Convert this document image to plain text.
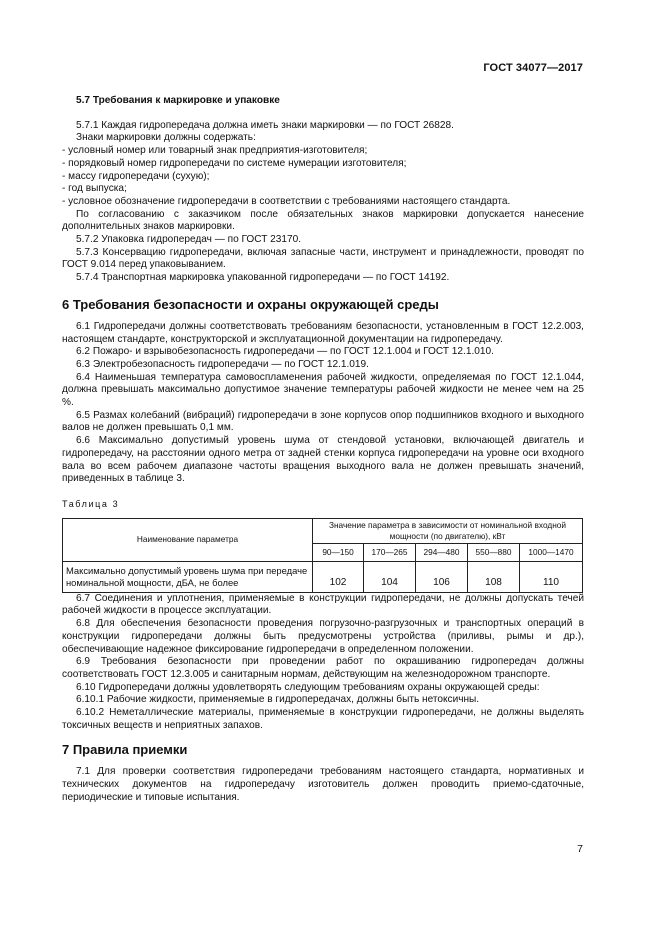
ГОСТ 34077—2017

5.7 Требования к маркировке и упаковке

5.7.1 Каждая гидропередача должна иметь знаки маркировки — по ГОСТ 26828.

Знаки маркировки должны содержать:

- условный номер или товарный знак предприятия-изготовителя;

- порядковый номер гидропередачи по системе нумерации изготовителя;

- массу гидропередачи (сухую);

- год выпуска;

- условное обозначение гидропередачи в соответствии с требованиями настоящего стандарта.

По согласованию с заказчиком после обязательных знаков маркировки допускается нанесение дополнительных знаков маркировки.

5.7.2 Упаковка гидропередач — по ГОСТ 23170.

5.7.3 Консервацию гидропередачи, включая запасные части, инструмент и принадлежности, проводят по ГОСТ 9.014 перед упаковыванием.

5.7.4 Транспортная маркировка упакованной гидропередачи — по ГОСТ 14192.

6 Требования безопасности и охраны окружающей среды

6.1 Гидропередачи должны соответствовать требованиям безопасности, установленным в ГОСТ 12.2.003, настоящем стандарте, конструкторской и эксплуатационной документации на гидропередачу.

6.2 Пожаро- и взрывобезопасность гидропередачи — по ГОСТ 12.1.004 и ГОСТ 12.1.010.

6.3 Электробезопасность гидропередачи — по ГОСТ 12.1.019.

6.4 Наименьшая температура самовоспламенения рабочей жидкости, определяемая по ГОСТ 12.1.044, должна превышать максимально допустимое значение температуры рабочей жидкости не менее чем на 25 %.

6.5 Размах колебаний (вибраций) гидропередачи в зоне корпусов опор подшипников входного и выходного валов не должен превышать 0,1 мм.

6.6 Максимально допустимый уровень шума от стендовой установки, включающей двигатель и гидропередачу, на расстоянии одного метра от задней стенки корпуса гидропередачи на уровне оси входного вала во всем рабочем диапазоне частоты вращения выходного вала не должен превышать значений, приведенных в таблице 3.

Таблица 3

Наименование параметра	Значение параметра в зависимости от номинальной входной мощности (по двигателю), кВт				
	90—150	170—265	294—480	550—880	1000—1470
Максимально допустимый уровень шума при передаче номинальной мощности, дБА, не более	102	104	106	108	110

6.7 Соединения и уплотнения, применяемые в конструкции гидропередачи, не должны допускать течей рабочей жидкости в процессе эксплуатации.

6.8 Для обеспечения безопасности проведения погрузочно-разгрузочных и транспортных операций в конструкции гидропередачи должны быть предусмотрены устройства (приливы, рымы и др.), обеспечивающие надежное фиксирование гидропередачи в определенном положении.

6.9 Требования безопасности при проведении работ по окрашиванию гидропередач должны соответствовать ГОСТ 12.3.005 и санитарным нормам, действующим на железнодорожном транспорте.

6.10 Гидропередачи должны удовлетворять следующим требованиям охраны окружающей среды:

6.10.1 Рабочие жидкости, применяемые в гидропередачах, должны быть нетоксичны.

6.10.2 Неметаллические материалы, применяемые в конструкции гидропередачи, не должны выделять токсичных веществ и неприятных запахов.

7 Правила приемки

7.1 Для проверки соответствия гидропередачи требованиям настоящего стандарта, нормативных и технических документов на гидропередачу изготовитель должен проводить приемо-сдаточные, периодические и типовые испытания.

7
